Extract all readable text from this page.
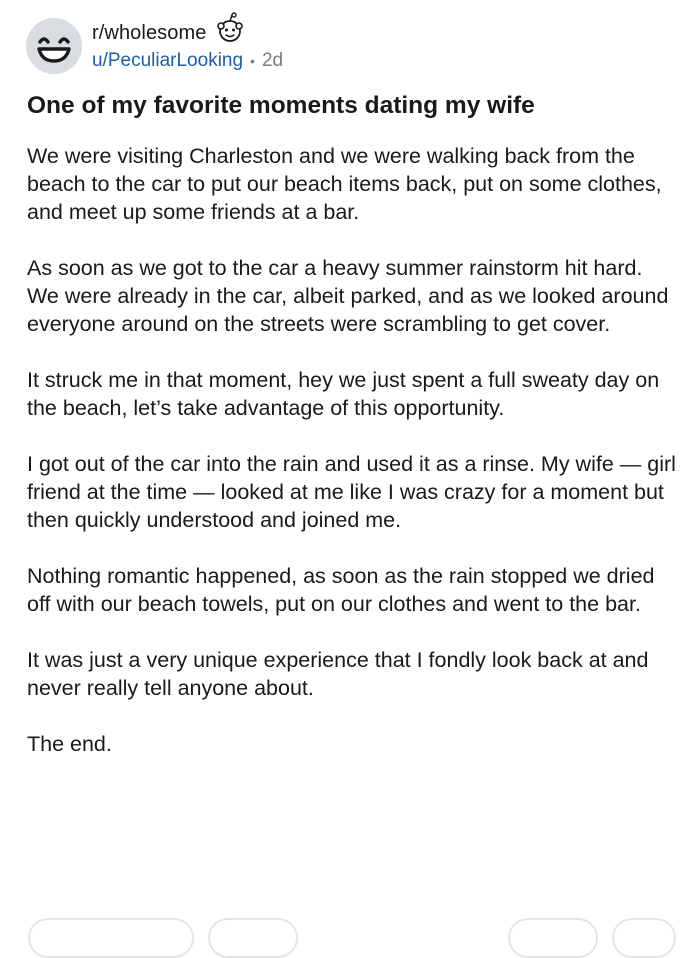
r/wholesome
u/PeculiarLooking • 2d
One of my favorite moments dating my wife

We were visiting Charleston and we were walking back from the beach to the car to put our beach items back, put on some clothes, and meet up some friends at a bar.

As soon as we got to the car a heavy summer rainstorm hit hard. We were already in the car, albeit parked, and as we looked around everyone around on the streets were scrambling to get cover.

It struck me in that moment, hey we just spent a full sweaty day on the beach, let’s take advantage of this opportunity.

I got out of the car into the rain and used it as a rinse. My wife — girl friend at the time — looked at me like I was crazy for a moment but then quickly understood and joined me.

Nothing romantic happened, as soon as the rain stopped we dried off with our beach towels, put on our clothes and went to the bar.

It was just a very unique experience that I fondly look back at and never really tell anyone about.

The end.
